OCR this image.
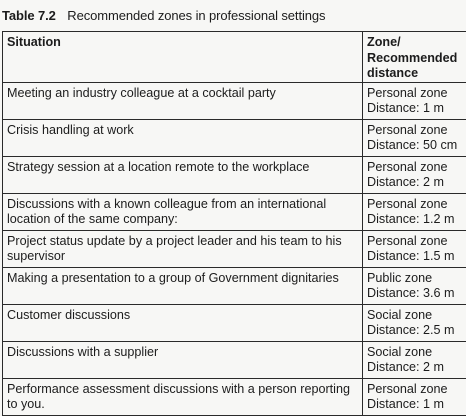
Table 7.2 Recommended zones in professional settings
Situation	Zone/
Recommended
distance

Meeting an industry colleague at a cocktail party	Personal zone
Distance: 1 m

Crisis handling at work	Personal zone
Distance: 50 cm

Strategy session at a location remote to the workplace	Personal zone
Distance: 2 m

Discussions with a known colleague from an international location of the same company:	Personal zone
Distance: 1.2 m

Project status update by a project leader and his team to his supervisor	Personal zone
Distance: 1.5 m

Making a presentation to a group of Government dignitaries	Public zone
Distance: 3.6 m

Customer discussions	Social zone
Distance: 2.5 m

Discussions with a supplier	Social zone
Distance: 2 m

Performance assessment discussions with a person reporting to you.	Personal zone
Distance: 1 m
